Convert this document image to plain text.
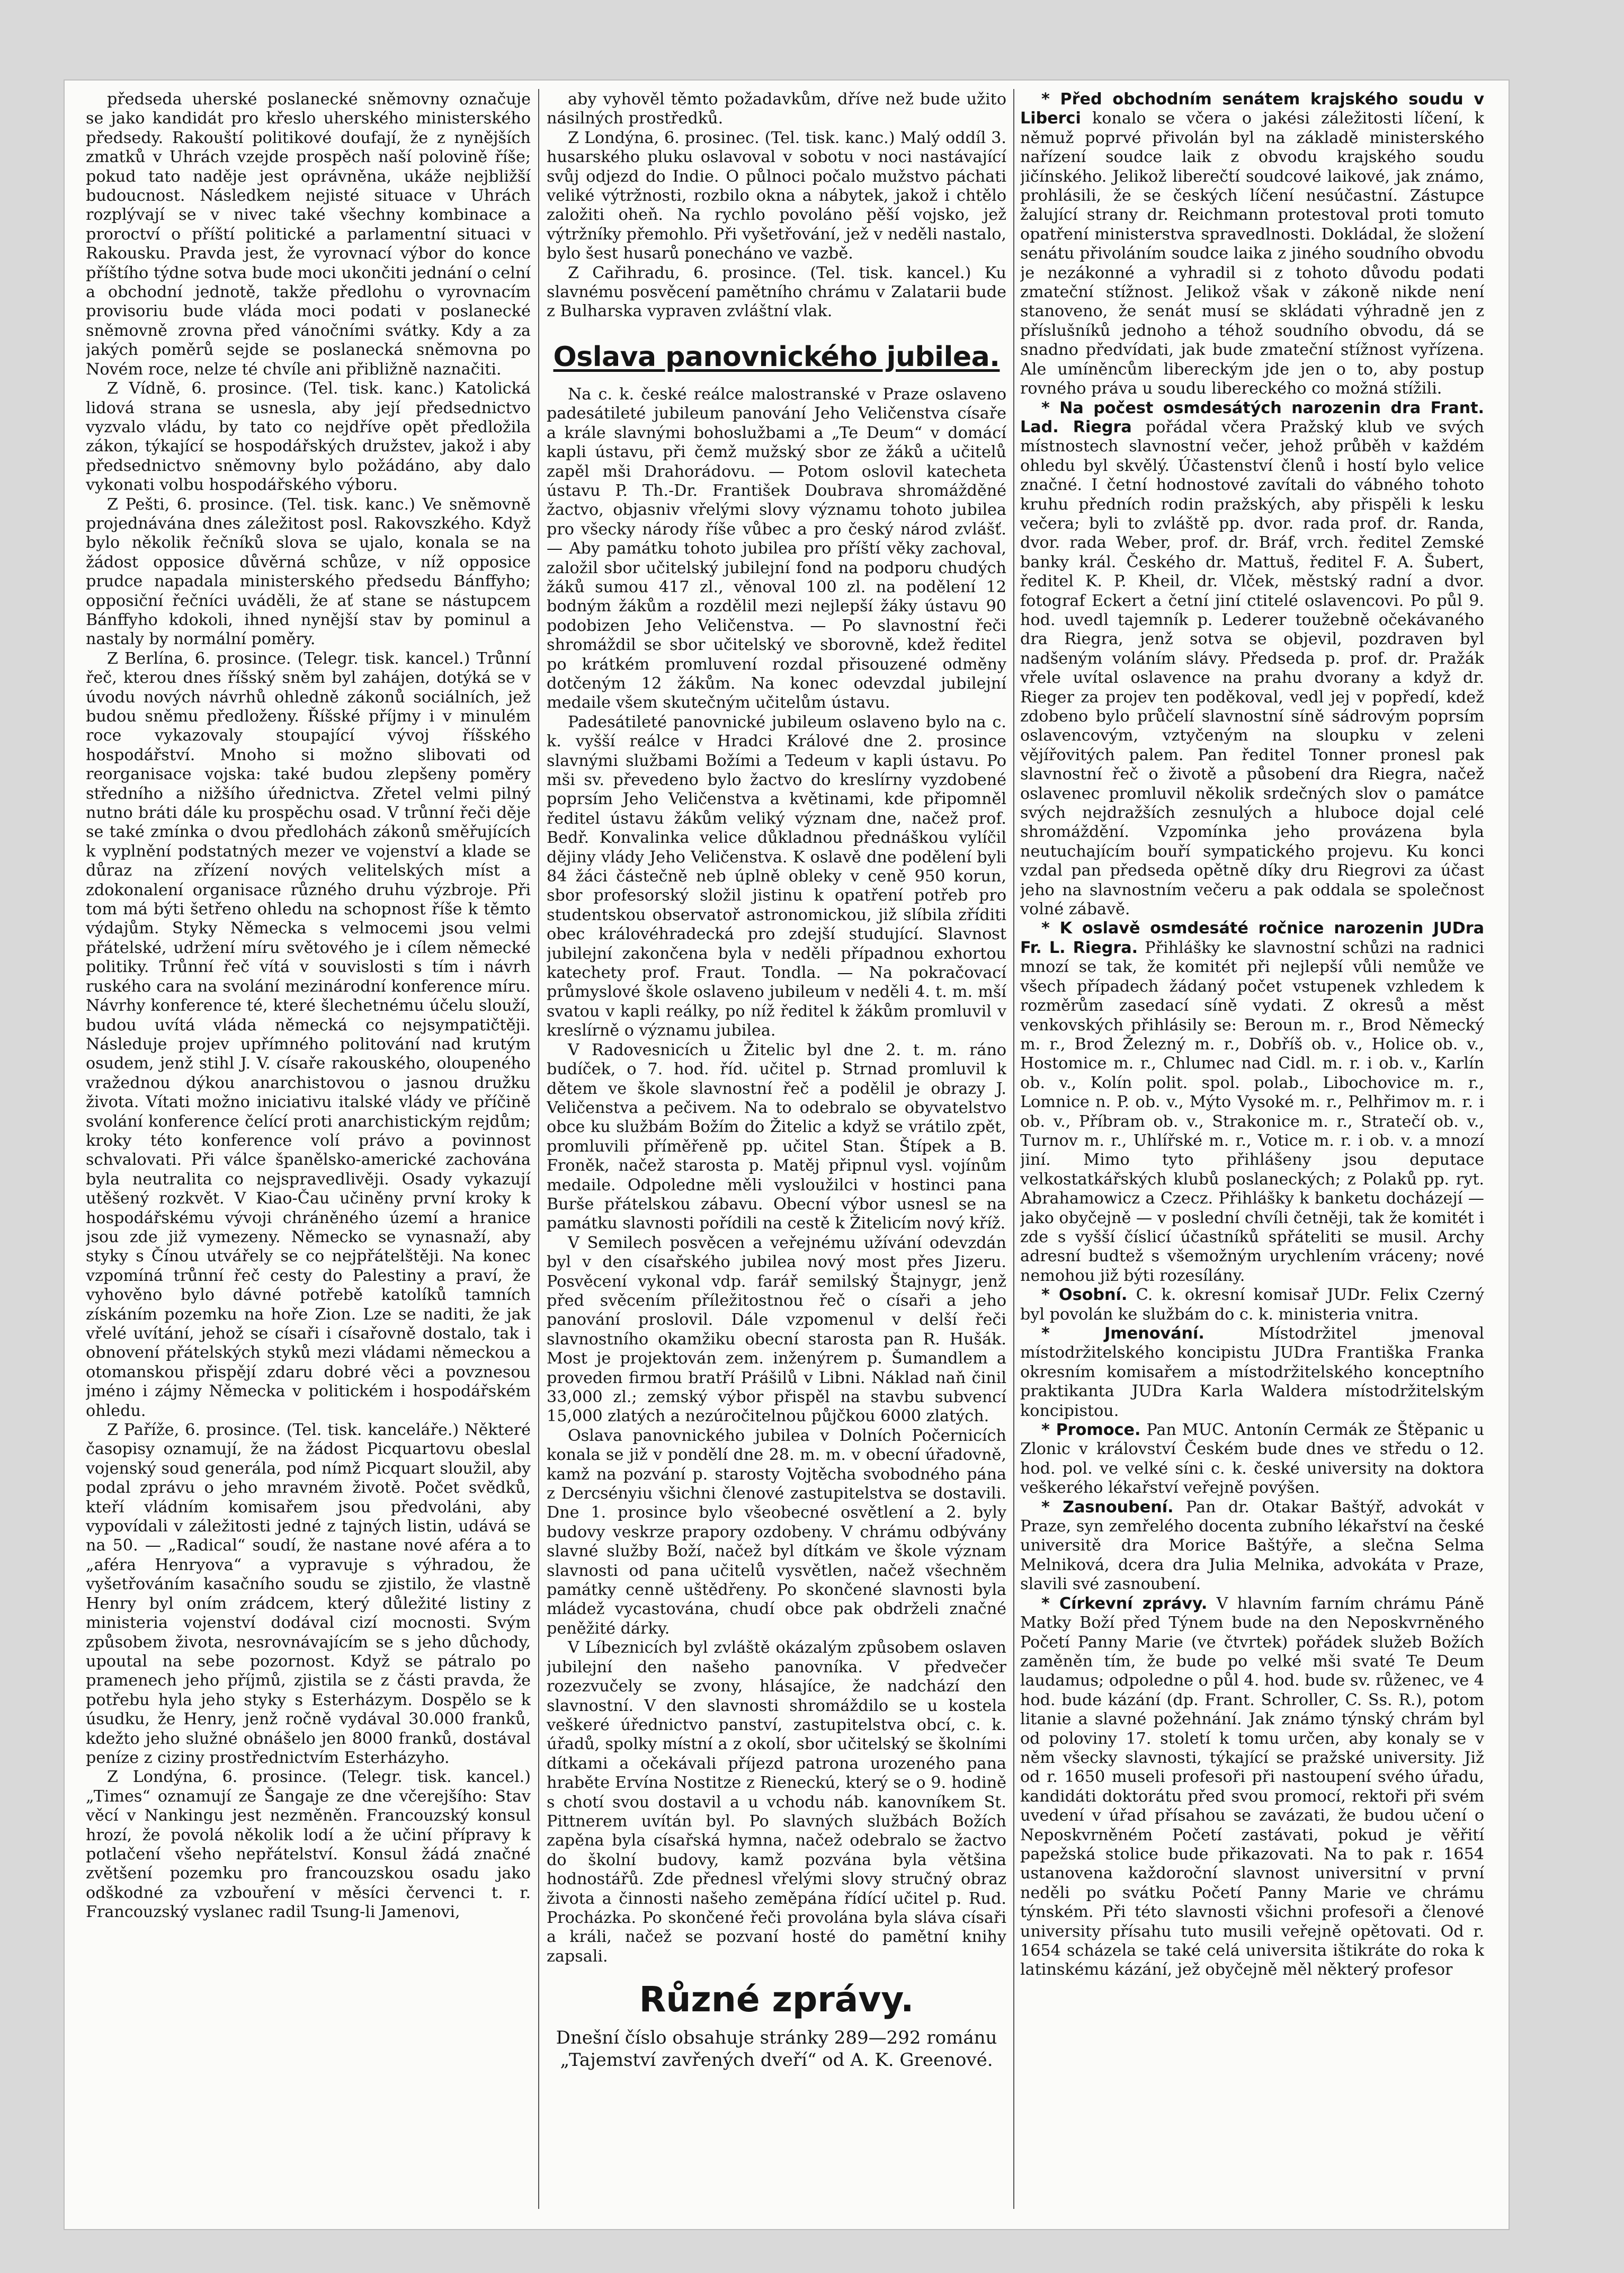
předseda uherské poslanecké sněmovny označuje se jako kandidát pro křeslo uherského ministerského předsedy. Rakouští politikové doufají, že z nynějších zmatků v Uhrách vzejde prospěch naší polovině říše; pokud tato naděje jest oprávněna, ukáže nejbližší budoucnost. Následkem nejisté situace v Uhrách rozplývají se v nivec také všechny kombinace a proroctví o příští politické a parlamentní situaci v Rakousku. Pravda jest, že vyrovnací výbor do konce příštího týdne sotva bude moci ukončiti jednání o celní a obchodní jednotě, takže předlohu o vyrovnacím provisoriu bude vláda moci podati v poslanecké sněmovně zrovna před vánočními svátky. Kdy a za jakých poměrů sejde se poslanecká sněmovna po Novém roce, nelze té chvíle ani přibližně naznačiti.

Z Vídně, 6. prosince. (Tel. tisk. kanc.) Katolická lidová strana se usnesla, aby její předsednictvo vyzvalo vládu, by tato co nejdříve opět předložila zákon, týkající se hospodářských družstev, jakož i aby předsednictvo sněmovny bylo požádáno, aby dalo vykonati volbu hospodářského výboru.

Z Pešti, 6. prosince. (Tel. tisk. kanc.) Ve sněmovně projednávána dnes záležitost posl. Rakovszkého. Když bylo několik řečníků slova se ujalo, konala se na žádost opposice důvěrná schůze, v níž opposice prudce napadala ministerského předsedu Bánffyho; opposiční řečníci uváděli, že ať stane se nástupcem Bánffyho kdokoli, ihned nynější stav by pominul a nastaly by normální poměry.

Z Berlína, 6. prosince. (Telegr. tisk. kancel.) Trůnní řeč, kterou dnes říšský sněm byl zahájen, dotýká se v úvodu nových návrhů ohledně zákonů sociálních, jež budou sněmu předloženy. Říšské příjmy i v minulém roce vykazovaly stoupající vývoj říšského hospodářství. Mnoho si možno slibovati od reorganisace vojska: také budou zlepšeny poměry středního a nižšího úřednictva. Zřetel velmi pilný nutno bráti dále ku prospěchu osad. V trůnní řeči děje se také zmínka o dvou předlohách zákonů směřujících k vyplnění podstatných mezer ve vojenství a klade se důraz na zřízení nových velitelských míst a zdokonalení organisace různého druhu výzbroje. Při tom má býti šetřeno ohledu na schopnost říše k těmto výdajům. Styky Německa s velmocemi jsou velmi přátelské, udržení míru světového je i cílem německé politiky. Trůnní řeč vítá v souvislosti s tím i návrh ruského cara na svolání mezinárodní konference míru. Návrhy konference té, které šlechetnému účelu slouží, budou uvítá vláda německá co nejsympatičtěji. Následuje projev upřímného politování nad krutým osudem, jenž stihl J. V. císaře rakouského, oloupeného vražednou dýkou anarchistovou o jasnou družku života. Vítati možno iniciativu italské vlády ve příčině svolání konference čelící proti anarchistickým rejdům; kroky této konference volí právo a povinnost schvalovati. Při válce španělsko-americké zachována byla neutralita co nejspravedlivěji. Osady vykazují utěšený rozkvět. V Kiao-Čau učiněny první kroky k hospodářskému vývoji chráněného území a hranice jsou zde již vymezeny. Německo se vynasnaží, aby styky s Čínou utvářely se co nejpřátelštěji. Na konec vzpomíná trůnní řeč cesty do Palestiny a praví, že vyhověno bylo dávné potřebě katolíků tamních získáním pozemku na hoře Zion. Lze se naditi, že jak vřelé uvítání, jehož se císaři i císařovně dostalo, tak i obnovení přátelských styků mezi vládami německou a otomanskou přispějí zdaru dobré věci a povznesou jméno i zájmy Německa v politickém i hospodářském ohledu.

Z Paříže, 6. prosince. (Tel. tisk. kanceláře.) Některé časopisy oznamují, že na žádost Picquartovu obeslal vojenský soud generála, pod nímž Picquart sloužil, aby podal zprávu o jeho mravném životě. Počet svědků, kteří vládním komisařem jsou předvoláni, aby vypovídali v záležitosti jedné z tajných listin, udává se na 50. — „Radical“ soudí, že nastane nové aféra a to „aféra Henryova“ a vypravuje s výhradou, že vyšetřováním kasačního soudu se zjistilo, že vlastně Henry byl oním zrádcem, který důležité listiny z ministeria vojenství dodával cizí mocnosti. Svým způsobem života, nesrovnávajícím se s jeho důchody, upoutal na sebe pozornost. Když se pátralo po pramenech jeho příjmů, zjistila se z části pravda, že potřebu hyla jeho styky s Esterházym. Dospělo se k úsudku, že Henry, jenž ročně vydával 30.000 franků, kdežto jeho služné obnášelo jen 8000 franků, dostával peníze z ciziny prostřednictvím Esterházyho.

Z Londýna, 6. prosince. (Telegr. tisk. kancel.) „Times“ oznamují ze Šangaje ze dne včerejšího: Stav věcí v Nankingu jest nezměněn. Francouzský konsul hrozí, že povolá několik lodí a že učiní přípravy k potlačení všeho nepřátelství. Konsul žádá značné zvětšení pozemku pro francouzskou osadu jako odškodné za vzbouření v měsíci červenci t. r. Francouzský vyslanec radil Tsung-li Jamenovi,

aby vyhověl těmto požadavkům, dříve než bude užito násilných prostředků.

Z Londýna, 6. prosinec. (Tel. tisk. kanc.) Malý oddíl 3. husarského pluku oslavoval v sobotu v noci nastávající svůj odjezd do Indie. O půlnoci počalo mužstvo páchati veliké výtržnosti, rozbilo okna a nábytek, jakož i chtělo založiti oheň. Na rychlo povoláno pěší vojsko, jež výtržníky přemohlo. Při vyšetřování, jež v neděli nastalo, bylo šest husarů ponecháno ve vazbě.

Z Cařihradu, 6. prosince. (Tel. tisk. kancel.) Ku slavnému posvěcení pamětního chrámu v Zalatarii bude z Bulharska vypraven zvláštní vlak.

Oslava panovnického jubilea.

Na c. k. české reálce malostranské v Praze oslaveno padesátileté jubileum panování Jeho Veličenstva císaře a krále slavnými bohoslužbami a „Te Deum“ v domácí kapli ústavu, při čemž mužský sbor ze žáků a učitelů zapěl mši Drahorádovu. — Potom oslovil katecheta ústavu P. Th.-Dr. František Doubrava shromážděné žactvo, objasniv vřelými slovy významu tohoto jubilea pro všecky národy říše vůbec a pro český národ zvlášť. — Aby památku tohoto jubilea pro příští věky zachoval, založil sbor učitelský jubilejní fond na podporu chudých žáků sumou 417 zl., věnoval 100 zl. na podělení 12 bodným žákům a rozdělil mezi nejlepší žáky ústavu 90 podobizen Jeho Veličenstva. — Po slavnostní řeči shromáždil se sbor učitelský ve sborovně, kdež ředitel po krátkém promluvení rozdal přisouzené odměny dotčeným 12 žákům. Na konec odevzdal jubilejní medaile všem skutečným učitelům ústavu.

Padesátileté panovnické jubileum oslaveno bylo na c. k. vyšší reálce v Hradci Králové dne 2. prosince slavnými službami Božími a Tedeum v kapli ústavu. Po mši sv. převedeno bylo žactvo do kreslírny vyzdobené poprsím Jeho Veličenstva a květinami, kde připomněl ředitel ústavu žákům veliký význam dne, načež prof. Bedř. Konvalinka velice důkladnou přednáškou vylíčil dějiny vlády Jeho Veličenstva. K oslavě dne podělení byli 84 žáci částečně neb úplně obleky v ceně 950 korun, sbor profesorský složil jistinu k opatření potřeb pro studentskou observatoř astronomickou, již slíbila zříditi obec královéhradecká pro zdejší studující. Slavnost jubilejní zakončena byla v neděli případnou exhortou katechety prof. Fraut. Tondla. — Na pokračovací průmyslové škole oslaveno jubileum v neděli 4. t. m. mší svatou v kapli reálky, po níž ředitel k žákům promluvil v kreslírně o významu jubilea.

V Radovesnicích u Žitelic byl dne 2. t. m. ráno budíček, o 7. hod. říd. učitel p. Strnad promluvil k dětem ve škole slavnostní řeč a podělil je obrazy J. Veličenstva a pečivem. Na to odebralo se obyvatelstvo obce ku službám Božím do Žitelic a když se vrátilo zpět, promluvili příměřeně pp. učitel Stan. Štípek a B. Froněk, načež starosta p. Matěj připnul vysl. vojínům medaile. Odpoledne měli vysloužilci v hostinci pana Burše přátelskou zábavu. Obecní výbor usnesl se na památku slavnosti pořídili na cestě k Žitelicím nový kříž.

V Semilech posvěcen a veřejnému užívání odevzdán byl v den císařského jubilea nový most přes Jizeru. Posvěcení vykonal vdp. farář semilský Štajnygr, jenž před svěcením příležitostnou řeč o císaři a jeho panování proslovil. Dále vzpomenul v delší řeči slavnostního okamžiku obecní starosta pan R. Hušák. Most je projektován zem. inženýrem p. Šumandlem a proveden firmou bratří Prášilů v Libni. Náklad naň činil 33,000 zl.; zemský výbor přispěl na stavbu subvencí 15,000 zlatých a nezúročitelnou půjčkou 6000 zlatých.

Oslava panovnického jubilea v Dolních Počernicích konala se již v pondělí dne 28. m. m. v obecní úřadovně, kamž na pozvání p. starosty Vojtěcha svobodného pána z Dercsényiu všichni členové zastupitelstva se dostavili. Dne 1. prosince bylo všeobecné osvětlení a 2. byly budovy veskrze prapory ozdobeny. V chrámu odbývány slavné služby Boží, načež byl dítkám ve škole význam slavnosti od pana učitelů vysvětlen, načež všechněm památky cenně uštědřeny. Po skončené slavnosti byla mládež vycastována, chudí obce pak obdrželi značné peněžité dárky.

V Líbeznicích byl zvláště okázalým způsobem oslaven jubilejní den našeho panovníka. V předvečer rozezvučely se zvony, hlásajíce, že nadchází den slavnostní. V den slavnosti shromáždilo se u kostela veškeré úřednictvo panství, zastupitelstva obcí, c. k. úřadů, spolky místní a z okolí, sbor učitelský se školními dítkami a očekávali příjezd patrona urozeného pana hraběte Ervína Nostitze z Rieneckú, který se o 9. hodině s chotí svou dostavil a u vchodu náb. kanovníkem St. Pittnerem uvítán byl. Po slavných službách Božích zapěna byla císařská hymna, načež odebralo se žactvo do školní budovy, kamž pozvána byla většina hodnostářů. Zde přednesl vřelými slovy stručný obraz života a činnosti našeho zeměpána řídící učitel p. Rud. Procházka. Po skončené řeči provolána byla sláva císaři a králi, načež se pozvaní hosté do pamětní knihy zapsali.

Různé zprávy.
Dnešní číslo obsahuje stránky 289—292 románu „Tajemství zavřených dveří“ od A. K. Greenové.

* Před obchodním senátem krajského soudu v Liberci konalo se včera o jakési záležitosti líčení, k němuž poprvé přivolán byl na základě ministerského nařízení soudce laik z obvodu krajského soudu jičínského. Jelikož liberečtí soudcové laikové, jak známo, prohlásili, že se českých líčení nesúčastní. Zástupce žalující strany dr. Reichmann protestoval proti tomuto opatření ministerstva spravedlnosti. Dokládal, že složení senátu přivoláním soudce laika z jiného soudního obvodu je nezákonné a vyhradil si z tohoto důvodu podati zmateční stížnost. Jelikož však v zákoně nikde není stanoveno, že senát musí se skládati výhradně jen z příslušníků jednoho a téhož soudního obvodu, dá se snadno předvídati, jak bude zmateční stížnost vyřízena. Ale umíněncům libereckým jde jen o to, aby postup rovného práva u soudu libereckého co možná stížili.

* Na počest osmdesátých narozenin dra Frant. Lad. Riegra pořádal včera Pražský klub ve svých místnostech slavnostní večer, jehož průběh v každém ohledu byl skvělý. Účastenství členů i hostí bylo velice značné. I četní hodnostové zavítali do vábného tohoto kruhu předních rodin pražských, aby přispěli k lesku večera; byli to zvláště pp. dvor. rada prof. dr. Randa, dvor. rada Weber, prof. dr. Bráf, vrch. ředitel Zemské banky král. Českého dr. Mattuš, ředitel F. A. Šubert, ředitel K. P. Kheil, dr. Vlček, městský radní a dvor. fotograf Eckert a četní jiní ctitelé oslavencovi. Po půl 9. hod. uvedl tajemník p. Lederer toužebně očekávaného dra Riegra, jenž sotva se objevil, pozdraven byl nadšeným voláním slávy. Předseda p. prof. dr. Pražák vřele uvítal oslavence na prahu dvorany a když dr. Rieger za projev ten poděkoval, vedl jej v popředí, kdež zdobeno bylo průčelí slavnostní síně sádrovým poprsím oslavencovým, vztyčeným na sloupku v zeleni vějířovitých palem. Pan ředitel Tonner pronesl pak slavnostní řeč o životě a působení dra Riegra, načež oslavenec promluvil několik srdečných slov o památce svých nejdražších zesnulých a hluboce dojal celé shromáždění. Vzpomínka jeho provázena byla neutuchajícím bouří sympatického projevu. Ku konci vzdal pan předseda opětně díky dru Riegrovi za účast jeho na slavnostním večeru a pak oddala se společnost volné zábavě.

* K oslavě osmdesáté ročnice narozenin JUDra Fr. L. Riegra. Přihlášky ke slavnostní schůzi na radnici mnozí se tak, že komitét při nejlepší vůli nemůže ve všech případech žádaný počet vstupenek vzhledem k rozměrům zasedací síně vydati. Z okresů a měst venkovských přihlásily se: Beroun m. r., Brod Německý m. r., Brod Železný m. r., Dobříš ob. v., Holice ob. v., Hostomice m. r., Chlumec nad Cidl. m. r. i ob. v., Karlín ob. v., Kolín polit. spol. polab., Libochovice m. r., Lomnice n. P. ob. v., Mýto Vysoké m. r., Pelhřimov m. r. i ob. v., Příbram ob. v., Strakonice m. r., Stratečí ob. v., Turnov m. r., Uhlířské m. r., Votice m. r. i ob. v. a mnozí jiní. Mimo tyto přihlášeny jsou deputace velkostatkářských klubů poslaneckých; z Polaků pp. ryt. Abrahamowicz a Czecz. Přihlášky k banketu docházejí — jako obyčejně — v poslední chvíli četněji, tak že komitét i zde s vyšší číslicí účastníků spřáteliti se musil. Archy adresní budtež s všemožným urychlením vráceny; nové nemohou již býti rozesílány.

* Osobní. C. k. okresní komisař JUDr. Felix Czerný byl povolán ke službám do c. k. ministeria vnitra.

* Jmenování. Místodržitel jmenoval místodržitelského koncipistu JUDra Františka Franka okresním komisařem a místodržitelského konceptního praktikanta JUDra Karla Waldera místodržitelským koncipistou.

* Promoce. Pan MUC. Antonín Cermák ze Štěpanic u Zlonic v království Českém bude dnes ve středu o 12. hod. pol. ve velké síni c. k. české university na doktora veškerého lékařství veřejně povýšen.

* Zasnoubení. Pan dr. Otakar Baštýř, advokát v Praze, syn zemřelého docenta zubního lékařství na české universitě dra Morice Baštýře, a slečna Selma Melniková, dcera dra Julia Melnika, advokáta v Praze, slavili své zasnoubení.

* Církevní zprávy. V hlavním farním chrámu Páně Matky Boží před Týnem bude na den Neposkvrněného Početí Panny Marie (ve čtvrtek) pořádek služeb Božích zaměněn tím, že bude po velké mši svaté Te Deum laudamus; odpoledne o půl 4. hod. bude sv. růženec, ve 4 hod. bude kázání (dp. Frant. Schroller, C. Ss. R.), potom litanie a slavné požehnání. Jak známo týnský chrám byl od poloviny 17. století k tomu určen, aby konaly se v něm všecky slavnosti, týkající se pražské university. Již od r. 1650 museli profesoři při nastoupení svého úřadu, kandidáti doktorátu před svou promocí, rektoři při svém uvedení v úřad přísahou se zavázati, že budou učení o Neposkvrněném Početí zastávati, pokud je věřití papežská stolice bude přikazovati. Na to pak r. 1654 ustanovena každoroční slavnost universitní v první neděli po svátku Početí Panny Marie ve chrámu týnském. Při této slavnosti všichni profesoři a členové university přísahu tuto musili veřejně opětovati. Od r. 1654 scházela se také celá universita ištikráte do roka k latinskému kázání, jež obyčejně měl některý profesor
